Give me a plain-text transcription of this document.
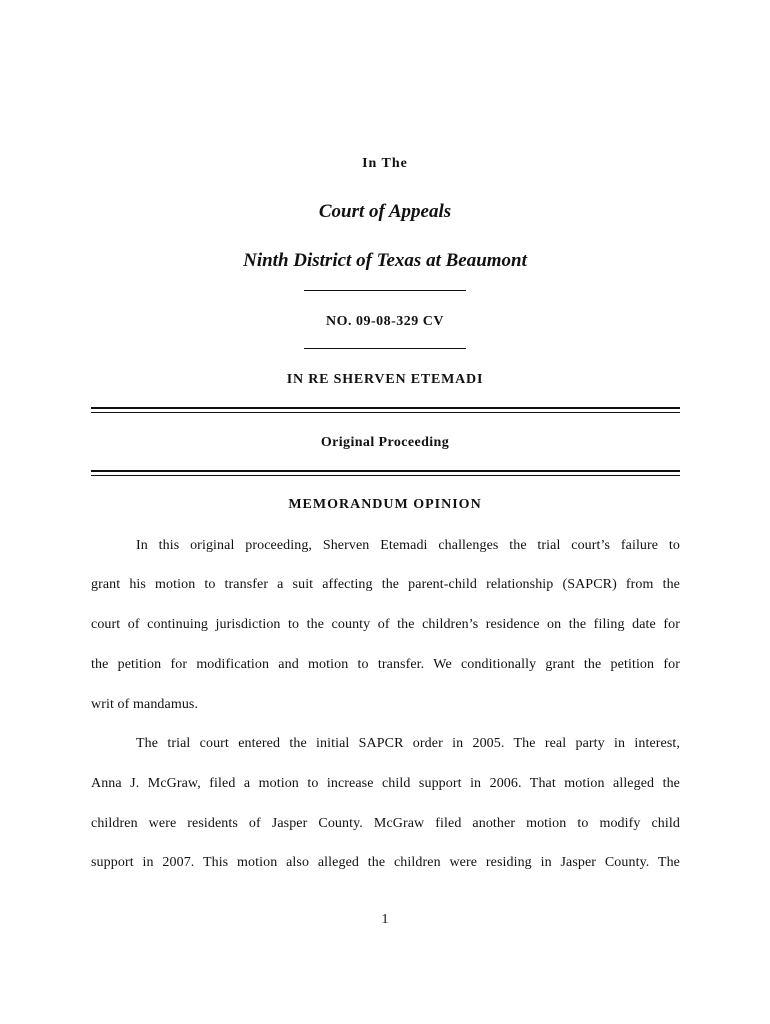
In The
Court of Appeals
Ninth District of Texas at Beaumont
NO. 09-08-329 CV
IN RE SHERVEN ETEMADI
Original Proceeding
MEMORANDUM OPINION
In this original proceeding, Sherven Etemadi challenges the trial court’s failure to
grant his motion to transfer a suit affecting the parent-child relationship (SAPCR) from the
court of continuing jurisdiction to the county of the children’s residence on the filing date for
the petition for modification and motion to transfer. We conditionally grant the petition for
writ of mandamus.
The trial court entered the initial SAPCR order in 2005. The real party in interest,
Anna J. McGraw, filed a motion to increase child support in 2006. That motion alleged the
children were residents of Jasper County. McGraw filed another motion to modify child
support in 2007. This motion also alleged the children were residing in Jasper County. The
1
